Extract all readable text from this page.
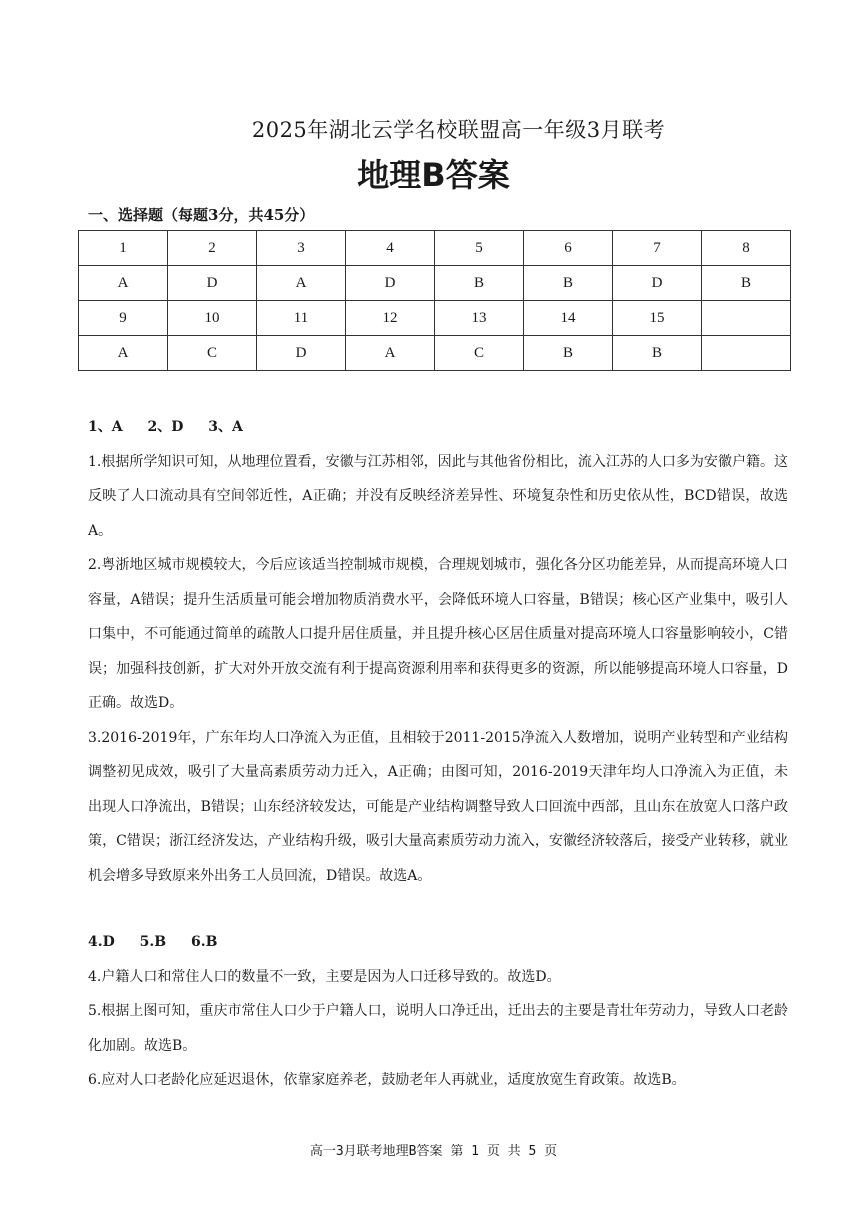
2025年湖北云学名校联盟高一年级3月联考
地理B答案
一、选择题（每题3分，共45分）
1	2	3	4	5	6	7	8
A	D	A	D	B	B	D	B
9	10	11	12	13	14	15	
A	C	D	A	C	B	B	

1、A 2、D 3、A

1.根据所学知识可知，从地理位置看，安徽与江苏相邻，因此与其他省份相比，流入江苏的人口多为安徽户籍。这反映了人口流动具有空间邻近性，A正确；并没有反映经济差异性、环境复杂性和历史依从性，BCD错误，故选A。

2.粤浙地区城市规模较大，今后应该适当控制城市规模，合理规划城市，强化各分区功能差异，从而提高环境人口容量，A错误；提升生活质量可能会增加物质消费水平，会降低环境人口容量，B错误；核心区产业集中，吸引人口集中，不可能通过简单的疏散人口提升居住质量，并且提升核心区居住质量对提高环境人口容量影响较小，C错误；加强科技创新，扩大对外开放交流有利于提高资源利用率和获得更多的资源，所以能够提高环境人口容量，D正确。故选D。

3.2016-2019年，广东年均人口净流入为正值，且相较于2011-2015净流入人数增加，说明产业转型和产业结构调整初见成效，吸引了大量高素质劳动力迁入，A正确；由图可知，2016-2019天津年均人口净流入为正值，未出现人口净流出，B错误；山东经济较发达，可能是产业结构调整导致人口回流中西部，且山东在放宽人口落户政策，C错误；浙江经济发达，产业结构升级，吸引大量高素质劳动力流入，安徽经济较落后，接受产业转移，就业机会增多导致原来外出务工人员回流，D错误。故选A。

4.D 5.B 6.B

4.户籍人口和常住人口的数量不一致，主要是因为人口迁移导致的。故选D。

5.根据上图可知，重庆市常住人口少于户籍人口，说明人口净迁出，迁出去的主要是青壮年劳动力，导致人口老龄化加剧。故选B。

6.应对人口老龄化应延迟退休，依靠家庭养老，鼓励老年人再就业，适度放宽生育政策。故选B。

高一3月联考地理B答案 第 1 页 共 5 页
